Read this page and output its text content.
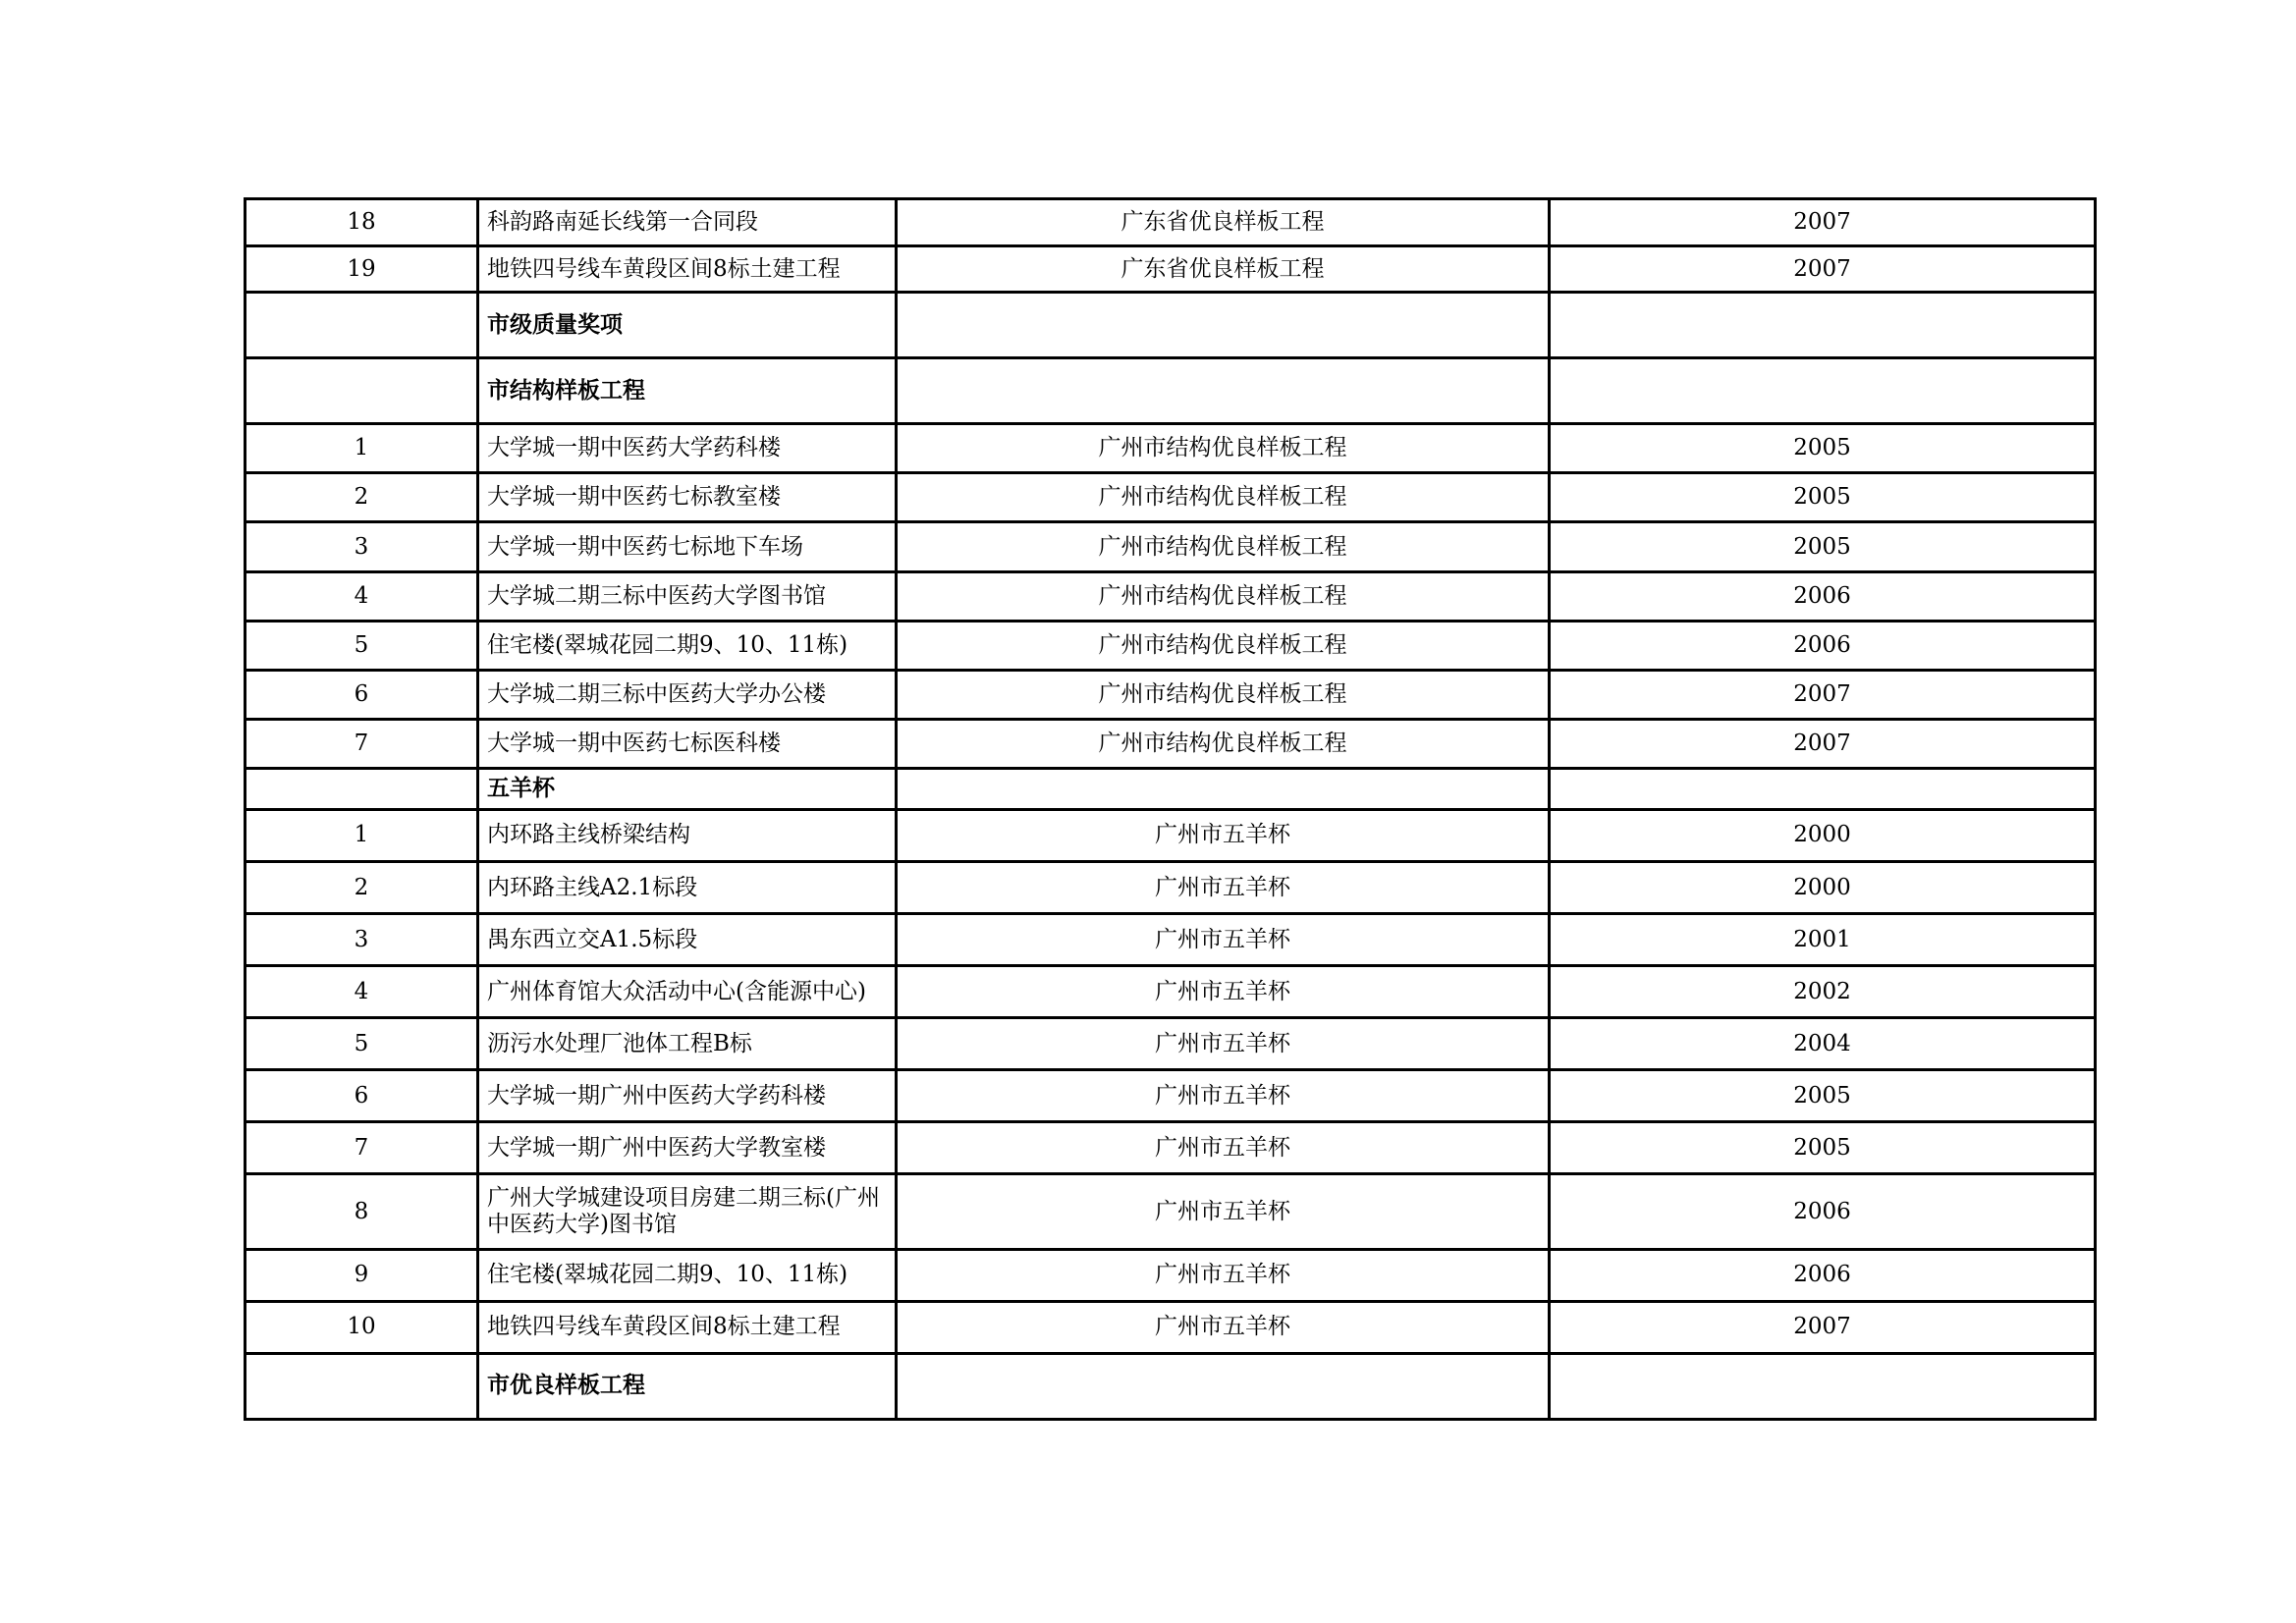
18	科韵路南延长线第一合同段	广东省优良样板工程	2007
19	地铁四号线车黄段区间8标土建工程	广东省优良样板工程	2007
	市级质量奖项		
	市结构样板工程		
1	大学城一期中医药大学药科楼	广州市结构优良样板工程	2005
2	大学城一期中医药七标教室楼	广州市结构优良样板工程	2005
3	大学城一期中医药七标地下车场	广州市结构优良样板工程	2005
4	大学城二期三标中医药大学图书馆	广州市结构优良样板工程	2006
5	住宅楼(翠城花园二期9、10、11栋)	广州市结构优良样板工程	2006
6	大学城二期三标中医药大学办公楼	广州市结构优良样板工程	2007
7	大学城一期中医药七标医科楼	广州市结构优良样板工程	2007
	五羊杯		
1	内环路主线桥梁结构	广州市五羊杯	2000
2	内环路主线A2.1标段	广州市五羊杯	2000
3	禺东西立交A1.5标段	广州市五羊杯	2001
4	广州体育馆大众活动中心(含能源中心)	广州市五羊杯	2002
5	沥污水处理厂池体工程B标	广州市五羊杯	2004
6	大学城一期广州中医药大学药科楼	广州市五羊杯	2005
7	大学城一期广州中医药大学教室楼	广州市五羊杯	2005
8	广州大学城建设项目房建二期三标(广州中医药大学)图书馆	广州市五羊杯	2006
9	住宅楼(翠城花园二期9、10、11栋)	广州市五羊杯	2006
10	地铁四号线车黄段区间8标土建工程	广州市五羊杯	2007
	市优良样板工程		
